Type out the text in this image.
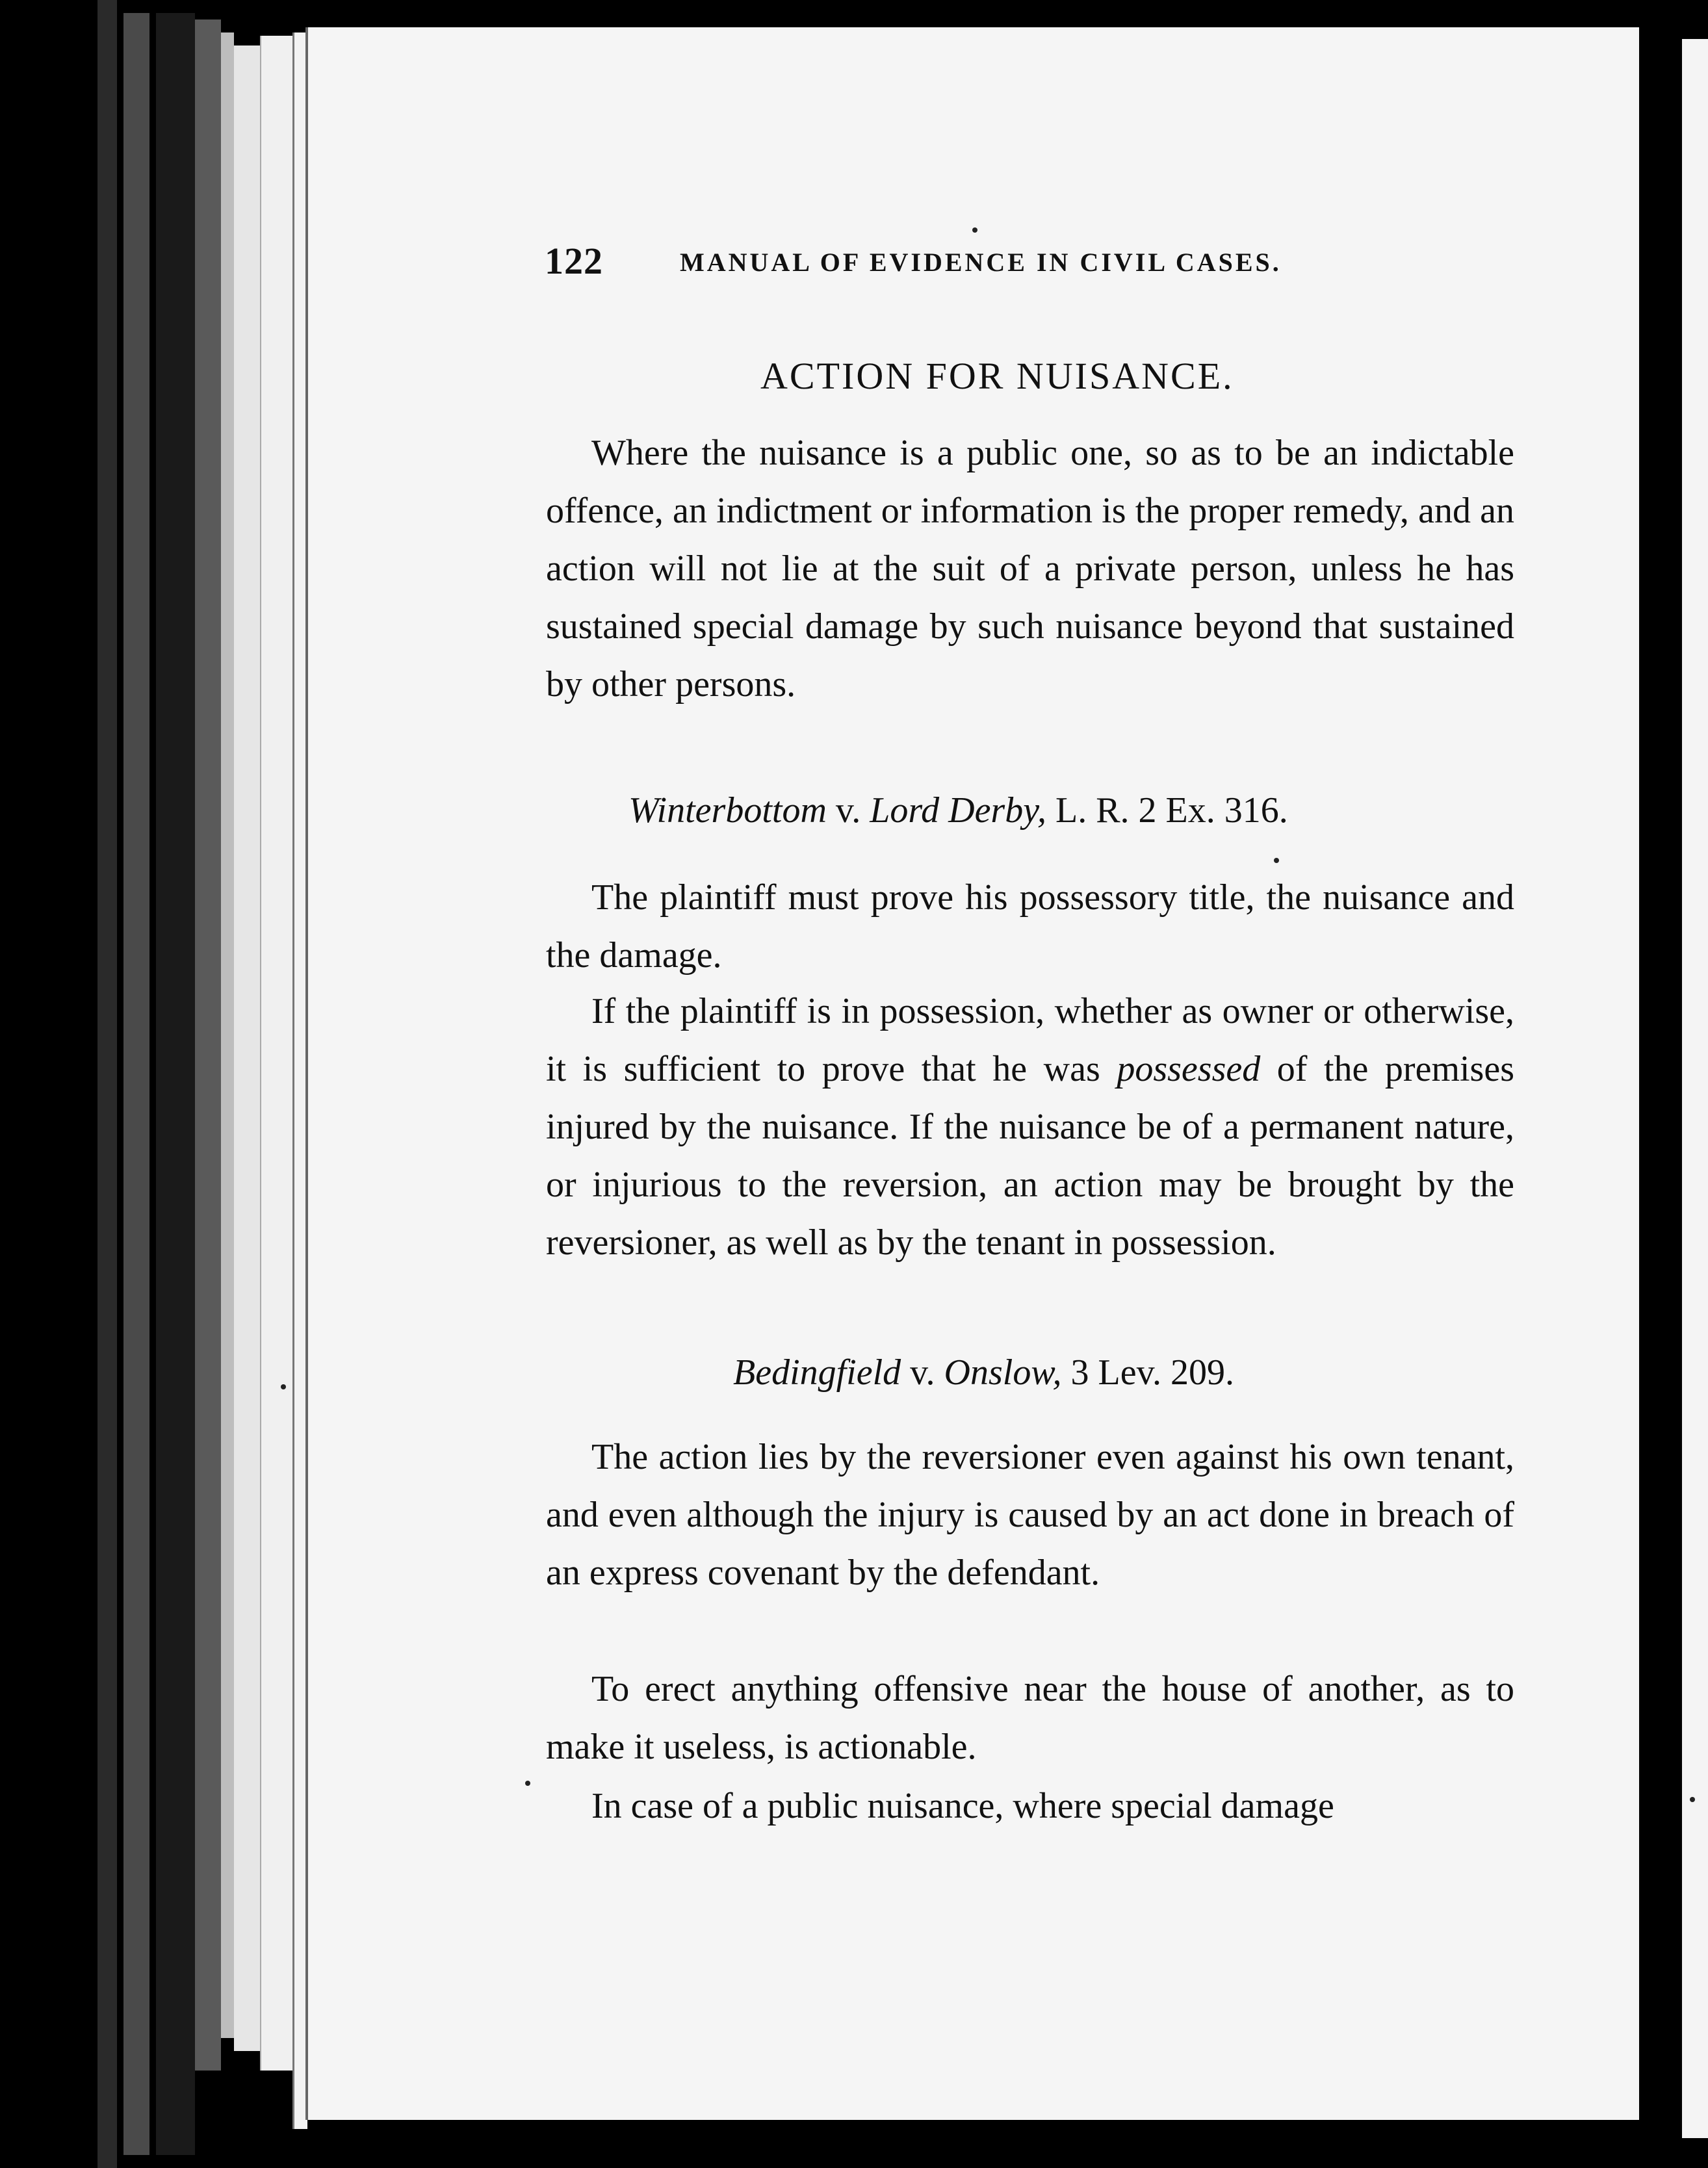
122	MANUAL OF EVIDENCE IN CIVIL CASES.
ACTION FOR NUISANCE.

Where the nuisance is a public one, so as to be an indictable offence, an indictment or information is the proper remedy, and an action will not lie at the suit of a private person, unless he has sustained special damage by such nuisance beyond that sustained by other persons.

Winterbottom v. Lord Derby, L. R. 2 Ex. 316.

The plaintiff must prove his possessory title, the nuisance and the damage.

If the plaintiff is in possession, whether as owner or otherwise, it is sufficient to prove that he was possessed of the premises injured by the nuisance. If the nuisance be of a permanent nature, or injurious to the reversion, an action may be brought by the reversioner, as well as by the tenant in possession.

Bedingfield v. Onslow, 3 Lev. 209.

The action lies by the reversioner even against his own tenant, and even although the injury is caused by an act done in breach of an express covenant by the defendant.

To erect anything offensive near the house of another, as to make it useless, is actionable.

In case of a public nuisance, where special damage
